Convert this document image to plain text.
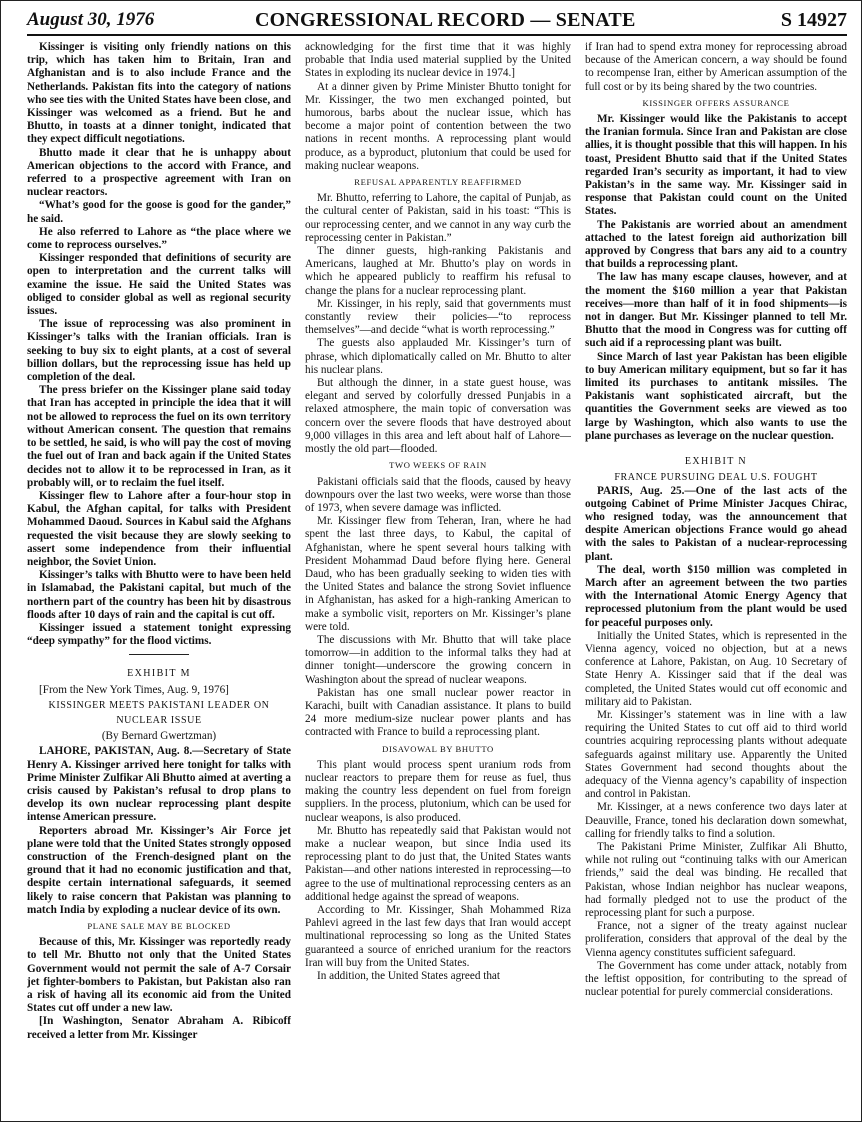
August 30, 1976	CONGRESSIONAL RECORD — SENATE	S 14927

Kissinger is visiting only friendly nations on this trip, which has taken him to Britain, Iran and Afghanistan and is to also include France and the Netherlands. Pakistan fits into the category of nations who see ties with the United States have been close, and Kissinger was welcomed as a friend. But he and Bhutto, in toasts at a dinner tonight, indicated that they expect difficult negotiations.

Bhutto made it clear that he is unhappy about American objections to the accord with France, and referred to a prospective agreement with Iran on nuclear reactors.

“What’s good for the goose is good for the gander,” he said.

He also referred to Lahore as “the place where we come to reprocess ourselves.”

Kissinger responded that definitions of security are open to interpretation and the current talks will examine the issue. He said the United States was obliged to consider global as well as regional security issues.

The issue of reprocessing was also prominent in Kissinger’s talks with the Iranian officials. Iran is seeking to buy six to eight plants, at a cost of several billion dollars, but the reprocessing issue has held up completion of the deal.

The press briefer on the Kissinger plane said today that Iran has accepted in principle the idea that it will not be allowed to reprocess the fuel on its own territory without American consent. The question that remains to be settled, he said, is who will pay the cost of moving the fuel out of Iran and back again if the United States decides not to allow it to be reprocessed in Iran, as it probably will, or to reclaim the fuel itself.

Kissinger flew to Lahore after a four-hour stop in Kabul, the Afghan capital, for talks with President Mohammed Daoud. Sources in Kabul said the Afghans requested the visit because they are slowly seeking to assert some independence from their influential neighbor, the Soviet Union.

Kissinger’s talks with Bhutto were to have been held in Islamabad, the Pakistani capital, but much of the northern part of the country has been hit by disastrous floods after 10 days of rain and the capital is cut off.

Kissinger issued a statement tonight expressing “deep sympathy” for the flood victims.

EXHIBIT M

[From the New York Times, Aug. 9, 1976]

KISSINGER MEETS PAKISTANI LEADER ON
NUCLEAR ISSUE
(By Bernard Gwertzman)

LAHORE, PAKISTAN, Aug. 8.—Secretary of State Henry A. Kissinger arrived here tonight for talks with Prime Minister Zulfikar Ali Bhutto aimed at averting a crisis caused by Pakistan’s refusal to drop plans to develop its own nuclear reprocessing plant despite intense American pressure.

Reporters abroad Mr. Kissinger’s Air Force jet plane were told that the United States strongly opposed construction of the French-designed plant on the ground that it had no economic justification and that, despite certain international safeguards, it seemed likely to raise concern that Pakistan was planning to match India by exploding a nuclear device of its own.

PLANE SALE MAY BE BLOCKED

Because of this, Mr. Kissinger was reportedly ready to tell Mr. Bhutto not only that the United States Government would not permit the sale of A-7 Corsair jet fighter-bombers to Pakistan, but Pakistan also ran a risk of having all its economic aid from the United States cut off under a new law.

[In Washington, Senator Abraham A. Ribicoff received a letter from Mr. Kissinger

acknowledging for the first time that it was highly probable that India used material supplied by the United States in exploding its nuclear device in 1974.]

At a dinner given by Prime Minister Bhutto tonight for Mr. Kissinger, the two men exchanged pointed, but humorous, barbs about the nuclear issue, which has become a major point of contention between the two nations in recent months. A reprocessing plant would produce, as a byproduct, plutonium that could be used for making nuclear weapons.

REFUSAL APPARENTLY REAFFIRMED

Mr. Bhutto, referring to Lahore, the capital of Punjab, as the cultural center of Pakistan, said in his toast: “This is our reprocessing center, and we cannot in any way curb the reprocessing center in Pakistan.”

The dinner guests, high-ranking Pakistanis and Americans, laughed at Mr. Bhutto’s play on words in which he appeared publicly to reaffirm his refusal to change the plans for a nuclear reprocessing plant.

Mr. Kissinger, in his reply, said that governments must constantly review their policies—“to reprocess themselves”—and decide “what is worth reprocessing.”

The guests also applauded Mr. Kissinger’s turn of phrase, which diplomatically called on Mr. Bhutto to alter his nuclear plans.

But although the dinner, in a state guest house, was elegant and served by colorfully dressed Punjabis in a relaxed atmosphere, the main topic of conversation was concern over the severe floods that have destroyed about 9,000 villages in this area and left about half of Lahore—mostly the old part—flooded.

TWO WEEKS OF RAIN

Pakistani officials said that the floods, caused by heavy downpours over the last two weeks, were worse than those of 1973, when severe damage was inflicted.

Mr. Kissinger flew from Teheran, Iran, where he had spent the last three days, to Kabul, the capital of Afghanistan, where he spent several hours talking with President Mohammad Daud before flying here. General Daud, who has been gradually seeking to widen ties with the United States and balance the strong Soviet influence in Afghanistan, has asked for a high-ranking American to make a symbolic visit, reporters on Mr. Kissinger’s plane were told.

The discussions with Mr. Bhutto that will take place tomorrow—in addition to the informal talks they had at dinner tonight—underscore the growing concern in Washington about the spread of nuclear weapons.

Pakistan has one small nuclear power reactor in Karachi, built with Canadian assistance. It plans to build 24 more medium-size nuclear power plants and has contracted with France to build a reprocessing plant.

DISAVOWAL BY BHUTTO

This plant would process spent uranium rods from nuclear reactors to prepare them for reuse as fuel, thus making the country less dependent on fuel from foreign suppliers. In the process, plutonium, which can be used for nuclear weapons, is also produced.

Mr. Bhutto has repeatedly said that Pakistan would not make a nuclear weapon, but since India used its reprocessing plant to do just that, the United States wants Pakistan—and other nations interested in reprocessing—to agree to the use of multinational reprocessing centers as an additional hedge against the spread of weapons.

According to Mr. Kissinger, Shah Mohammed Riza Pahlevi agreed in the last few days that Iran would accept multinational reprocessing so long as the United States guaranteed a source of enriched uranium for the reactors Iran will buy from the United States.

In addition, the United States agreed that

if Iran had to spend extra money for reprocessing abroad because of the American concern, a way should be found to recompense Iran, either by American assumption of the full cost or by its being shared by the two countries.

KISSINGER OFFERS ASSURANCE

Mr. Kissinger would like the Pakistanis to accept the Iranian formula. Since Iran and Pakistan are close allies, it is thought possible that this will happen. In his toast, President Bhutto said that if the United States regarded Iran’s security as important, it had to view Pakistan’s in the same way. Mr. Kissinger said in response that Pakistan could count on the United States.

The Pakistanis are worried about an amendment attached to the latest foreign aid authorization bill approved by Congress that bars any aid to a country that builds a reprocessing plant.

The law has many escape clauses, however, and at the moment the $160 million a year that Pakistan receives—more than half of it in food shipments—is not in danger. But Mr. Kissinger planned to tell Mr. Bhutto that the mood in Congress was for cutting off such aid if a reprocessing plant was built.

Since March of last year Pakistan has been eligible to buy American military equipment, but so far it has limited its purchases to antitank missiles. The Pakistanis want sophisticated aircraft, but the quantities the Government seeks are viewed as too large by Washington, which also wants to use the plane purchases as leverage on the nuclear question.

EXHIBIT N
FRANCE PURSUING DEAL U.S. FOUGHT

PARIS, Aug. 25.—One of the last acts of the outgoing Cabinet of Prime Minister Jacques Chirac, who resigned today, was the announcement that despite American objections France would go ahead with the sales to Pakistan of a nuclear-reprocessing plant.

The deal, worth $150 million was completed in March after an agreement between the two parties with the International Atomic Energy Agency that reprocessed plutonium from the plant would be used for peaceful purposes only.

Initially the United States, which is represented in the Vienna agency, voiced no objection, but at a news conference at Lahore, Pakistan, on Aug. 10 Secretary of State Henry A. Kissinger said that if the deal was completed, the United States would cut off economic and military aid to Pakistan.

Mr. Kissinger’s statement was in line with a law requiring the United States to cut off aid to third world countries acquiring reprocessing plants without adequate safeguards against military use. Apparently the United States Government had second thoughts about the adequacy of the Vienna agency’s capability of inspection and control in Pakistan.

Mr. Kissinger, at a news conference two days later at Deauville, France, toned his declaration down somewhat, calling for friendly talks to find a solution.

The Pakistani Prime Minister, Zulfikar Ali Bhutto, while not ruling out “continuing talks with our American friends,” said the deal was binding. He recalled that Pakistan, whose Indian neighbor has nuclear weapons, had formally pledged not to use the product of the reprocessing plant for such a purpose.

France, not a signer of the treaty against nuclear proliferation, considers that approval of the deal by the Vienna agency constitutes sufficient safeguard.

The Government has come under attack, notably from the leftist opposition, for contributing to the spread of nuclear potential for purely commercial considerations.
